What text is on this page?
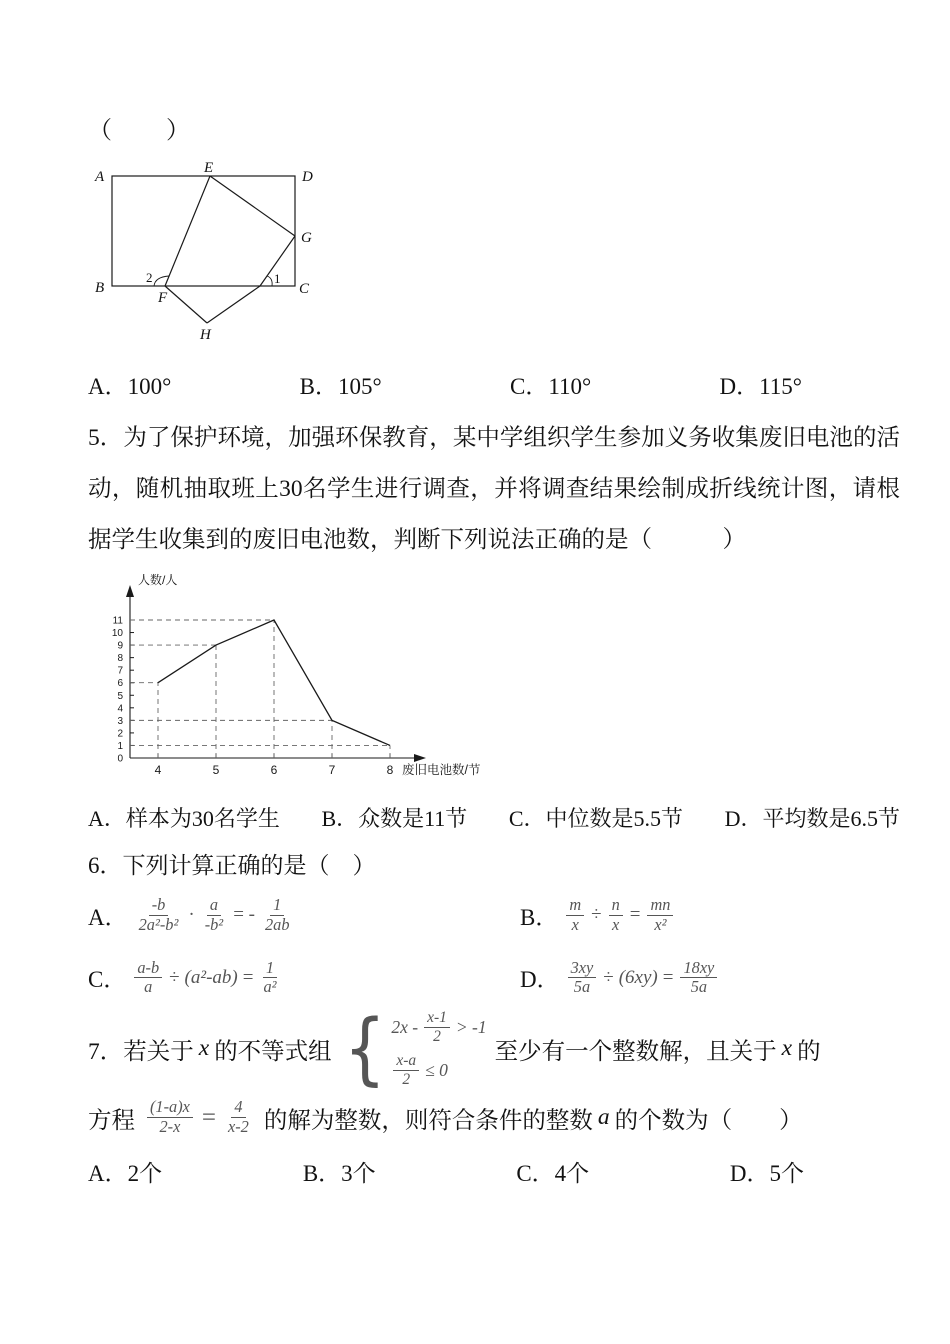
（　　）
A	D
B	C
E
G
F
H
2	1
A．100°	B．105°	C．110°	D．115°

5．为了保护环境，加强环保教育，某中学组织学生参加义务收集废旧电池的活动，随机抽取班上30名学生进行调查，并将调查结果绘制成折线统计图，请根据学生收集到的废旧电池数，判断下列说法正确的是（　　　）

0
1
2
3
4
5
6
7
8
9
10
11
4	5	6	7	8
人数/人
废旧电池数/节
A．样本为30名学生 B．众数是11节 C．中位数是5.5节 D．平均数是6.5节

6．下列计算正确的是（　）

A． $\frac{-b}{\text{2a²-b²}} \cdot \frac{a}{\text{-b²}}$ = - $\frac{1}{2ab}$	B． $\frac{m}{x} \div \frac{n}{x} = \frac{mn}{\text{x²}}$
C． $\frac{a-b}{a} \div (a^2-ab) = \frac{1}{\text{a²}}$	D． $\frac{3xy}{5a} \div (6xy) = \frac{18xy}{5a}$
7．若关于 x 的不等式组 { $2x - \frac{x-1}{2} > -1$
$\frac{x-a}{2} \le 0$
至少有一个整数解，且关于 x 的
方程 $\frac{(1-a)x}{2-x} = \frac{4}{x-2}$ 的解为整数，则符合条件的整数 a 的个数为（　　）
A．2个	B．3个	C．4个	D．5个
